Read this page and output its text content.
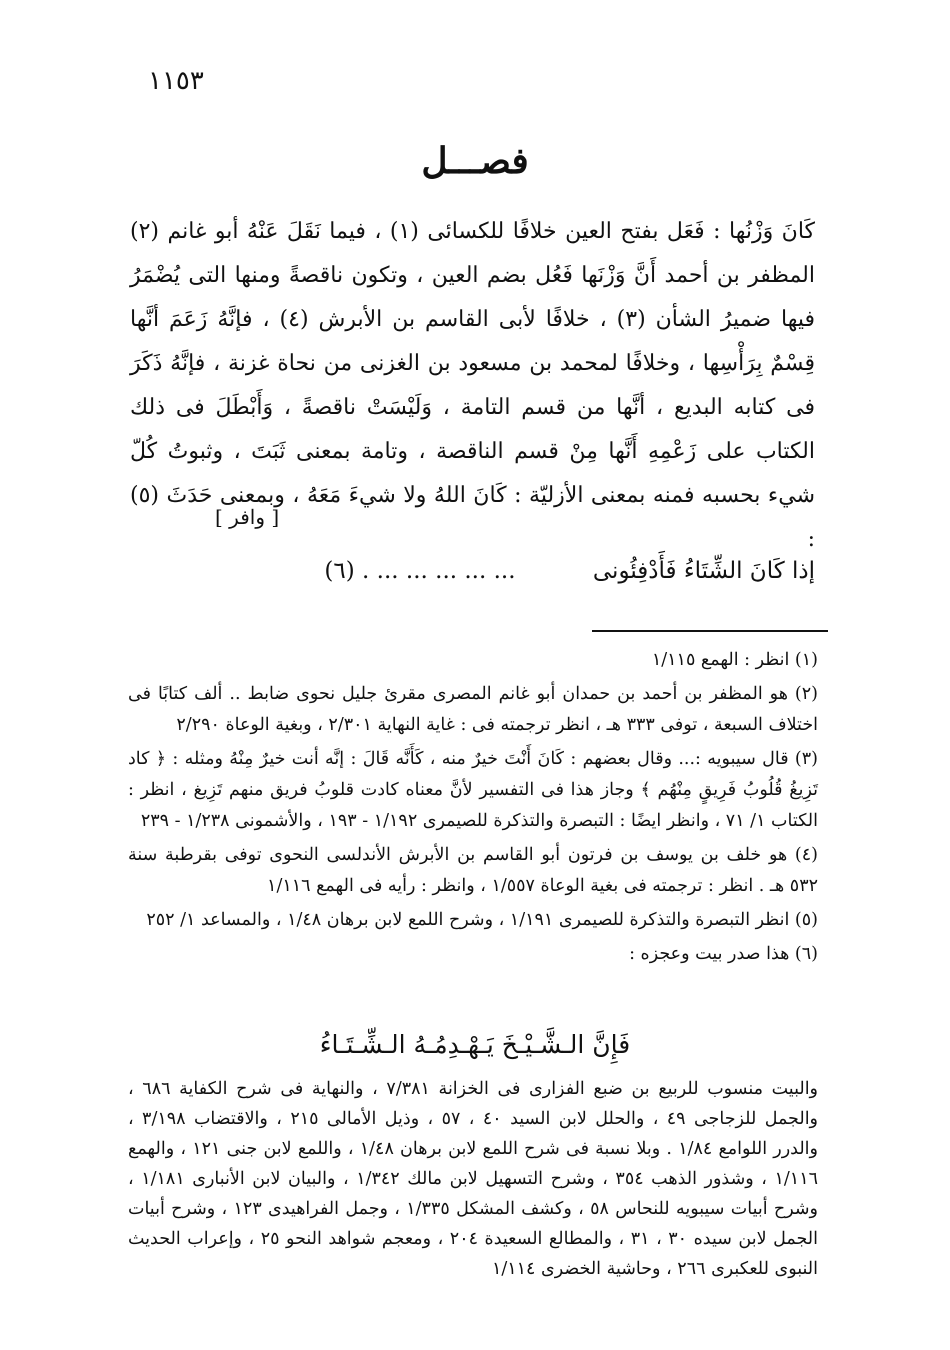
١١٥٣
فصـــل

كَانَ وَزْنُها : فَعَل بفتح العين خلافًا للكسائى (١) ، فيما نَقَلَ عَنْهُ أبو غانم (٢) المظفر بن أحمد أَنَّ وَزْنَها فَعُل بضم العين ، وتكون ناقصةً ومنها التى يُضْمَرُ فيها ضميرُ الشأن (٣) ، خلافًا لأبى القاسم بن الأبرش (٤) ، فإنَّهُ زَعَمَ أنَّها قِسْمٌ بِرَأْسِها ، وخلافًا لمحمد بن مسعود بن الغزنى من نحاة غزنة ، فإنَّهُ ذَكَرَ فى كتابه البديع ، أنَّها من قسم التامة ، وَلَيْسَتْ ناقصةً ، وَأَبْطَلَ فى ذلك الكتاب على زَعْمِهِ أَنَّها مِنْ قسم الناقصة ، وتامة بمعنى ثَبَتَ ، وثبوتُ كُلّ شيء بحسبه فمنه بمعنى الأزليّة : كَانَ اللهُ ولا شيءَ مَعَهُ ، وبمعنى حَدَثَ (٥) :

[ وافر ]
إذا كَانَ الشِّتَاءُ فَأَدْفِئُونى ... ... ... ... ... . (٦)

(١) انظر : الهمع ١/١١٥

(٢) هو المظفر بن أحمد بن حمدان أبو غانم المصرى مقرئ جليل نحوى ضابط .. ألف كتابًا فى اختلاف السبعة ، توفى ٣٣٣ هـ ، انظر ترجمته فى : غاية النهاية ٢/٣٠١ ، وبغية الوعاة ٢/٢٩٠

(٣) قال سيبويه :... وقال بعضهم : كَانَ أَنْتَ خيرٌ منه ، كَأَنَّه قَالَ : إنَّه أنت خيرٌ مِنْهُ ومثله : ﴿ كاد تَزِيغُ قُلُوبُ فَرِيقٍ مِنْهُم ﴾ وجاز هذا فى التفسير لأنَّ معناه كادت قلوبُ فريق منهم تَزِيغ ، انظر : الكتاب ١/ ٧١ ، وانظر ايضًا : التبصرة والتذكرة للصيمرى ١/١٩٢ - ١٩٣ ، والأشمونى ١/٢٣٨ - ٢٣٩

(٤) هو خلف بن يوسف بن فرتون أبو القاسم بن الأبرش الأندلسى النحوى توفى بقرطبة سنة ٥٣٢ هـ . انظر : ترجمته فى بغية الوعاة ١/٥٥٧ ، وانظر : رأيه فى الهمع ١/١١٦

(٥) انظر التبصرة والتذكرة للصيمرى ١/١٩١ ، وشرح اللمع لابن برهان ١/٤٨ ، والمساعد ١/ ٢٥٢

(٦) هذا صدر بيت وعجزه :

فَإِنَّ الـشَّـيْـخَ يَـهْـدِمُـهُ الـشِّـتَـاءُ

والبيت منسوب للربيع بن ضبع الفزارى فى الخزانة ٧/٣٨١ ، والنهاية فى شرح الكفاية ٦٨٦ ، والجمل للزجاجى ٤٩ ، والحلل لابن السيد ٤٠ ، ٥٧ ، وذيل الأمالى ٢١٥ ، والاقتضاب ٣/١٩٨ ، والدرر اللوامع ١/٨٤ . وبلا نسبة فى شرح اللمع لابن برهان ١/٤٨ ، واللمع لابن جنى ١٢١ ، والهمع ١/١١٦ ، وشذور الذهب ٣٥٤ ، وشرح التسهيل لابن مالك ١/٣٤٢ ، والبيان لابن الأنبارى ١/١٨١ ، وشرح أبيات سيبويه للنحاس ٥٨ ، وكشف المشكل ١/٣٣٥ ، وجمل الفراهيدى ١٢٣ ، وشرح أبيات الجمل لابن سيده ٣٠ ، ٣١ ، والمطالع السعيدة ٢٠٤ ، ومعجم شواهد النحو ٢٥ ، وإعراب الحديث النبوى للعكبرى ٢٦٦ ، وحاشية الخضرى ١/١١٤
